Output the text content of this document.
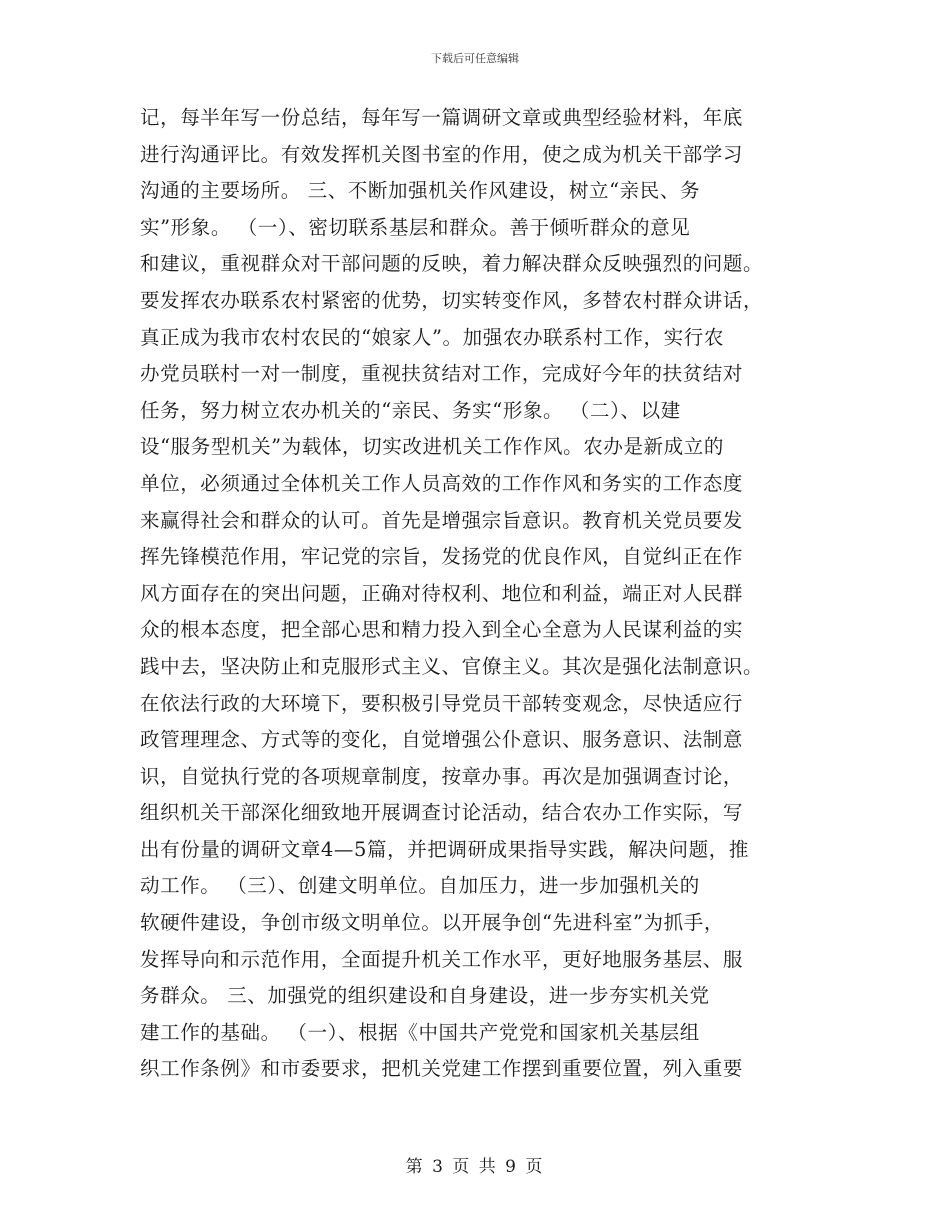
下载后可任意编辑
记，每半年写一份总结，每年写一篇调研文章或典型经验材料，年底
进行沟通评比。有效发挥机关图书室的作用，使之成为机关干部学习
沟通的主要场所。 三、不断加强机关作风建设，树立“亲民、务
实”形象。 （一）、密切联系基层和群众。善于倾听群众的意见
和建议，重视群众对干部问题的反映，着力解决群众反映强烈的问题。
要发挥农办联系农村紧密的优势，切实转变作风，多替农村群众讲话，
真正成为我市农村农民的“娘家人”。加强农办联系村工作，实行农
办党员联村一对一制度，重视扶贫结对工作，完成好今年的扶贫结对
任务，努力树立农办机关的“亲民、务实“形象。 （二）、以建
设“服务型机关”为载体，切实改进机关工作作风。农办是新成立的
单位，必须通过全体机关工作人员高效的工作作风和务实的工作态度
来赢得社会和群众的认可。首先是增强宗旨意识。教育机关党员要发
挥先锋模范作用，牢记党的宗旨，发扬党的优良作风，自觉纠正在作
风方面存在的突出问题，正确对待权利、地位和利益，端正对人民群
众的根本态度，把全部心思和精力投入到全心全意为人民谋利益的实
践中去，坚决防止和克服形式主义、官僚主义。其次是强化法制意识。
在依法行政的大环境下，要积极引导党员干部转变观念，尽快适应行
政管理理念、方式等的变化，自觉增强公仆意识、服务意识、法制意
识，自觉执行党的各项规章制度，按章办事。再次是加强调查讨论，
组织机关干部深化细致地开展调查讨论活动，结合农办工作实际，写
出有份量的调研文章4—5篇，并把调研成果指导实践，解决问题，推
动工作。 （三）、创建文明单位。自加压力，进一步加强机关的
软硬件建设，争创市级文明单位。以开展争创“先进科室”为抓手，
发挥导向和示范作用，全面提升机关工作水平，更好地服务基层、服
务群众。 三、加强党的组织建设和自身建设，进一步夯实机关党
建工作的基础。 （一）、根据《中国共产党党和国家机关基层组
织工作条例》和市委要求，把机关党建工作摆到重要位置，列入重要
第 3 页 共 9 页
